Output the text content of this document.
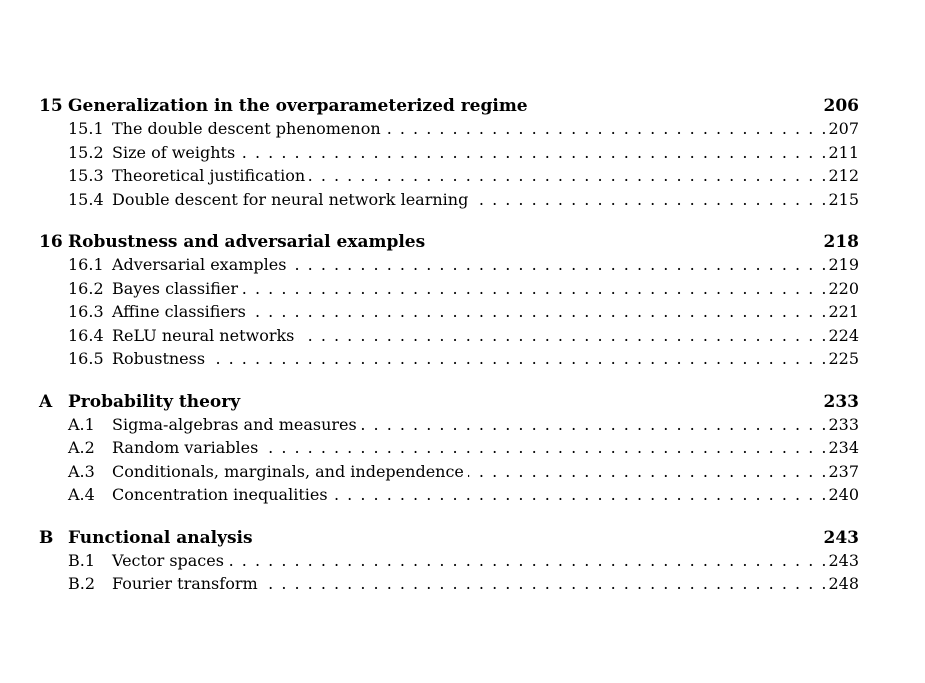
15 Generalization in the overparameterized regime	206
15.1 The double descent phenomenon . . .	207
15.2 Size of weights . . .	211
15.3 Theoretical justification . . .	212
15.4 Double descent for neural network learning . . .	215
16 Robustness and adversarial examples	218
16.1 Adversarial examples . . .	219
16.2 Bayes classifier . . .	220
16.3 Affine classifiers . . .	221
16.4 ReLU neural networks . . .	224
16.5 Robustness . . .	225
A Probability theory	233
A.1	Sigma-algebras and measures . . .	233
A.2	Random variables . . .	234
A.3	Conditionals, marginals, and independence . . .	237
A.4	Concentration inequalities . . .	240
B Functional analysis	243
B.1	Vector spaces . . .	243
B.2	Fourier transform . . .	248
